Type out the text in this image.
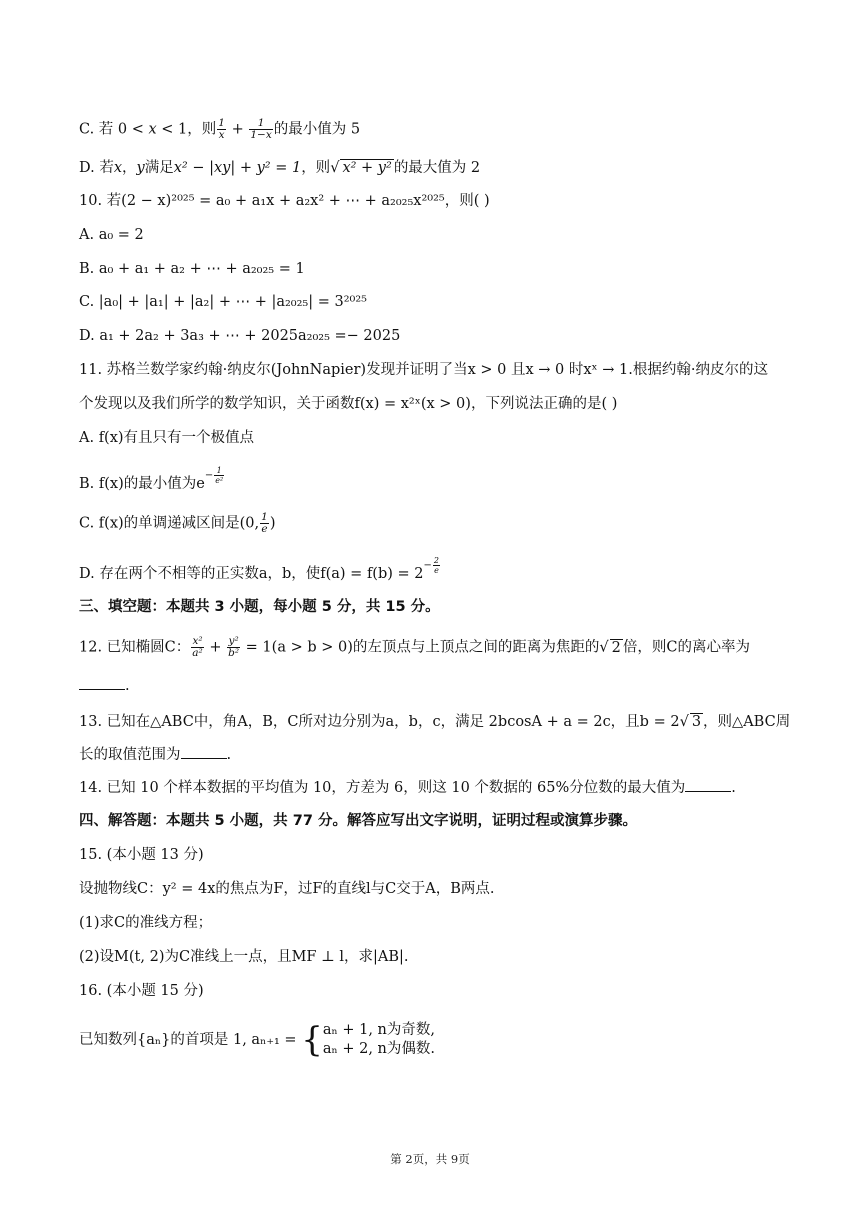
C. 若 0 < x < 1，则 $\frac{1}{x} + \frac{1}{1-x}$ 的最小值为 5
D. 若x，y满足x² − |xy| + y² = 1，则√ x² + y² 的最大值为 2
10. 若(2 − x)²⁰²⁵ = a₀ + a₁x + a₂x² + ⋯ + a₂₀₂₅x²⁰²⁵，则( )
A. a₀ = 2
B. a₀ + a₁ + a₂ + ⋯ + a₂₀₂₅ = 1
C. |a₀| + |a₁| + |a₂| + ⋯ + |a₂₀₂₅| = 3²⁰²⁵
D. a₁ + 2a₂ + 3a₃ + ⋯ + 2025a₂₀₂₅ =− 2025
11. 苏格兰数学家约翰·纳皮尔(JohnNapier)发现并证明了当x > 0 且x → 0 时xˣ → 1.根据约翰·纳皮尔的这
个发现以及我们所学的数学知识，关于函数f(x) = x²ˣ(x > 0)，下列说法正确的是( )
A. f(x)有且只有一个极值点
B. f(x)的最小值为$e^{- \frac{1}{\text{e²}}}$
C. f(x)的单调递减区间是(0, $\frac{1}{e}$ )
D. 存在两个不相等的正实数a，b，使$f(a) = f(b) = 2^{- \frac{2}{e}}$
三、填空题：本题共 3 小题，每小题 5 分，共 15 分。
12. 已知椭圆C： $\frac{\text{x²}}{\text{a²}} + \frac{\text{y²}}{\text{b²}} = 1(a > b > 0)$的左顶点与上顶点之间的距离为焦距的√ 2 倍，则C的离心率为
.
13. 已知在△ABC中，角A，B，C所对边分别为a，b，c，满足 2bcosA + a = 2c，且b = 2√ 3 ，则△ABC周
长的取值范围为	.
14. 已知 10 个样本数据的平均值为 10，方差为 6，则这 10 个数据的 65%分位数的最大值为	.
四、解答题：本题共 5 小题，共 77 分。解答应写出文字说明，证明过程或演算步骤。
15. (本小题 13 分)
设抛物线C：y² = 4x的焦点为F，过F的直线l与C交于A，B两点.
(1)求C的准线方程；
(2)设M(t, 2)为C准线上一点，且MF ⊥ l，求|AB|.
16. (本小题 15 分)
已知数列{aₙ}的首项是 1, aₙ₊₁ = { aₙ + 1, n为奇数,
aₙ + 2, n为偶数.
第 2页，共 9页
